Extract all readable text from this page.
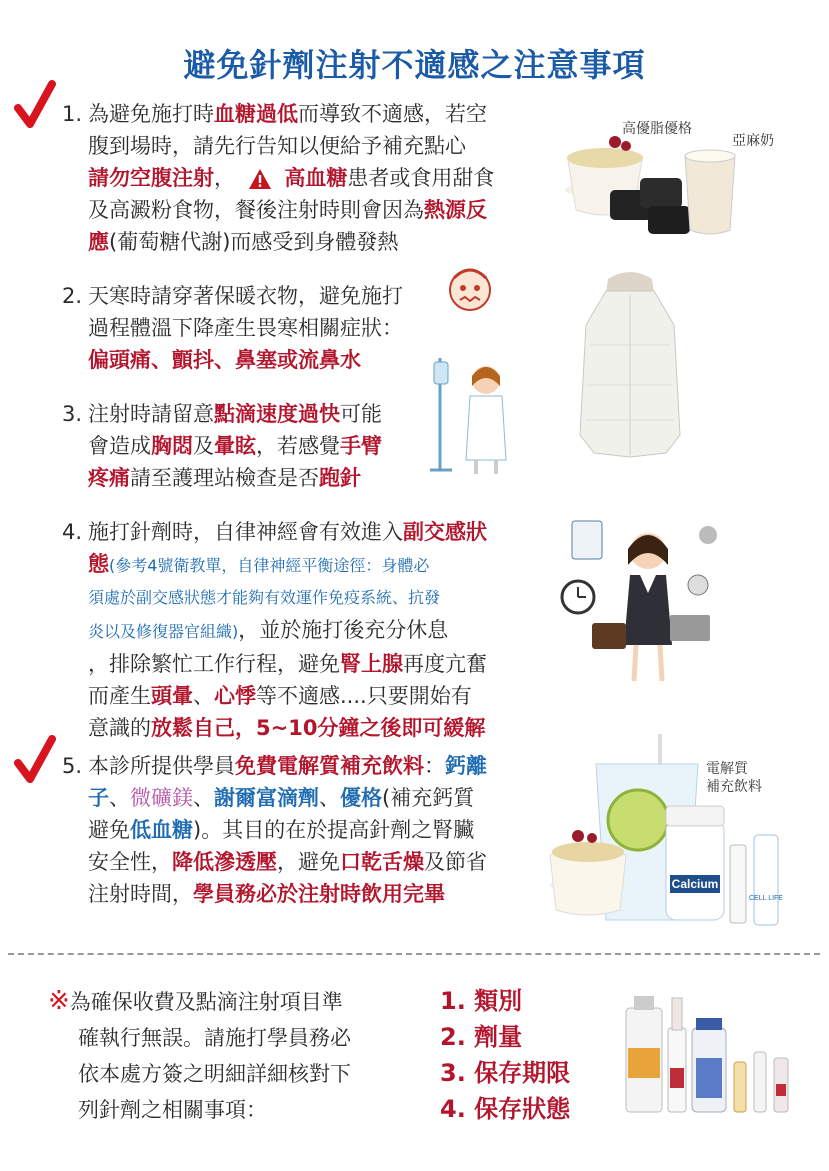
避免針劑注射不適感之注意事項
1. 為避免施打時血糖過低而導致不適感，若空
腹到場時，請先行告知以便給予補充點心
請勿空腹注射， 高血糖患者或食用甜食
及高澱粉食物，餐後注射時則會因為熱源反
應(葡萄糖代謝)而感受到身體發熱
高優脂優格
亞麻奶
2. 天寒時請穿著保暖衣物，避免施打
過程體溫下降產生畏寒相關症狀：
偏頭痛、顫抖、鼻塞或流鼻水
3. 注射時請留意點滴速度過快可能
會造成胸悶及暈眩，若感覺手臂
疼痛請至護理站檢查是否跑針
4. 施打針劑時，自律神經會有效進入副交感狀
態(參考4號衛教單，自律神經平衡途徑：身體必
須處於副交感狀態才能夠有效運作免疫系統、抗發
炎以及修復器官組織)，並於施打後充分休息
，排除繁忙工作行程，避免腎上腺再度亢奮
而產生頭暈、心悸等不適感....只要開始有
意識的放鬆自己，5~10分鐘之後即可緩解
5. 本診所提供學員免費電解質補充飲料：鈣離
子、微礦鎂、謝爾富滴劑、優格(補充鈣質
避免低血糖)。其目的在於提高針劑之腎臟
安全性，降低滲透壓，避免口乾舌燥及節省
注射時間，學員務必於注射時飲用完畢
電解質
補充飲料
Calcium
CELL LIFE
※為確保收費及點滴注射項目準
確執行無誤。請施打學員務必
依本處方簽之明細詳細核對下
列針劑之相關事項：
1. 類別
2. 劑量
3. 保存期限
4. 保存狀態
